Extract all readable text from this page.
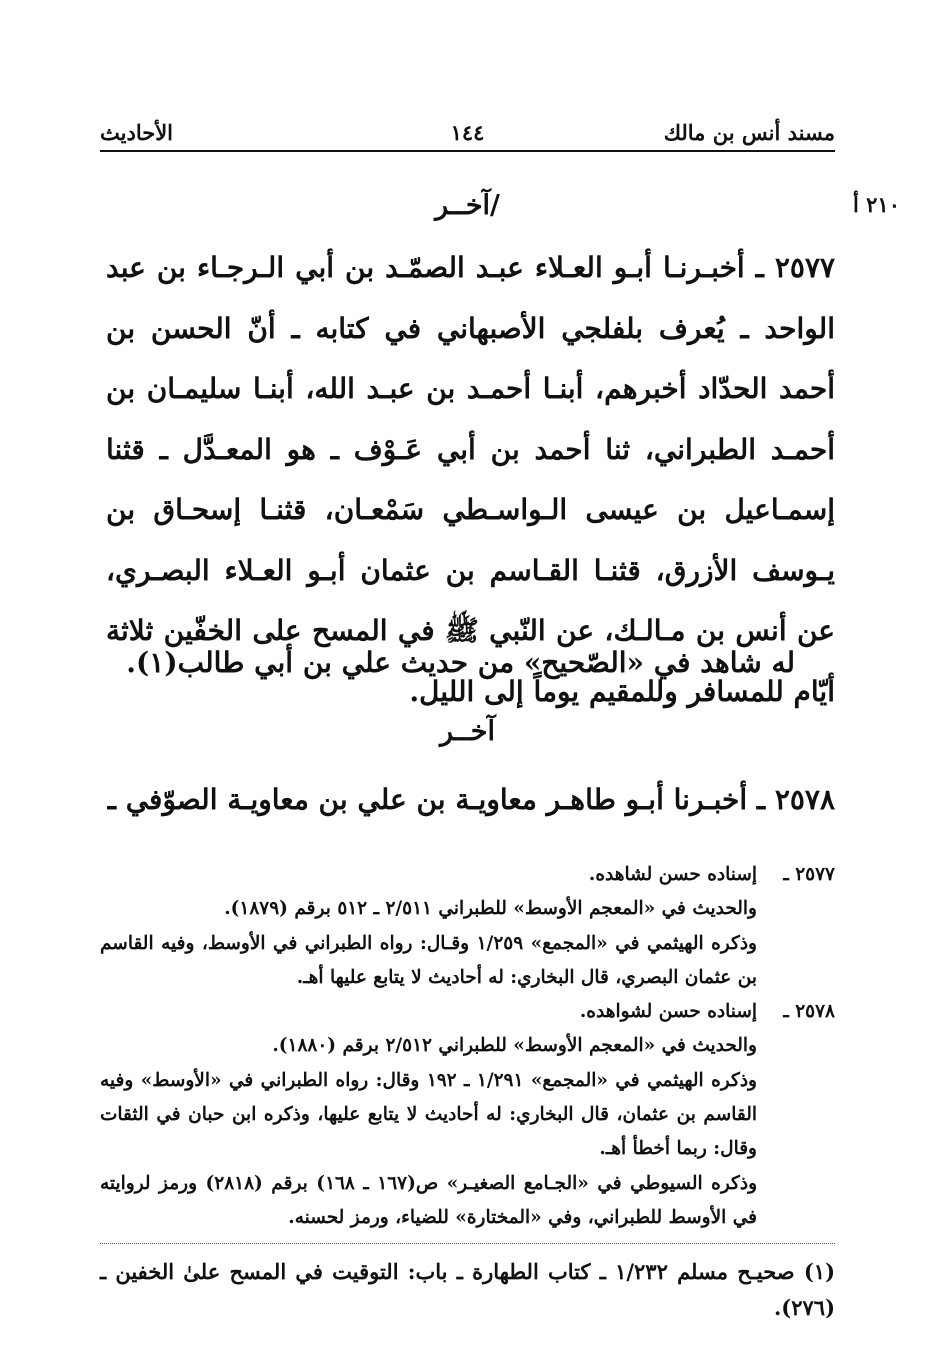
مسند أنس بن مالك
١٤٤
الأحاديث
٢١٠ أ
/آخــر
٢٥٧٧ ـ أخبـرنـا أبـو العـلاء عبـد الصمّـد بن أبي الـرجـاء بن عبد الواحد ـ يُعرف بلفلجي الأصبهاني في كتابه ـ أنّ الحسن بن أحمد الحدّاد أخبرهم، أبنـا أحمـد بن عبـد الله، أبنـا سليمـان بن أحمـد الطبراني، ثنا أحمد بن أبي عَـوْف ـ هو المعـدَّل ـ قثنا إسمـاعيل بن عيسى الـواسـطي سَمْعـان، قثنـا إسحـاق بن يـوسف الأزرق، قثنـا القـاسم بن عثمان أبـو العـلاء البصـري، عن أنس بن مـالـك، عن النّبي ﷺ في المسح على الخفّين ثلاثة أيّام للمسافر وللمقيم يوماً إلى الليل.
له شاهد في «الصّحيح» من حديث علي بن أبي طالب(١).
آخــر
٢٥٧٨ ـ أخبـرنا أبـو طاهـر معاويـة بن علي بن معاويـة الصوّفي ـ
٢٥٧٧ ـ

إسناده حسن لشاهده.

والحديث في «المعجم الأوسط» للطبراني ٢/٥١١ ـ ٥١٢ برقم (١٨٧٩).

وذكره الهيثمي في «المجمع» ١/٢٥٩ وقـال: رواه الطبراني في الأوسط، وفيه القاسم بن عثمان البصري، قال البخاري: له أحاديث لا يتابع عليها أهـ.

٢٥٧٨ ـ

إسناده حسن لشواهده.

والحديث في «المعجم الأوسط» للطبراني ٢/٥١٢ برقم (١٨٨٠).

وذكره الهيثمي في «المجمع» ١/٢٩١ ـ ١٩٢ وقال: رواه الطبراني في «الأوسط» وفيه القاسم بن عثمان، قال البخاري: له أحاديث لا يتابع عليها، وذكره ابن حبان في الثقات وقال: ربما أخطأ أهـ.

وذكره السيوطي في «الجـامع الصغيـر» ص(١٦٧ ـ ١٦٨) برقم (٢٨١٨) ورمز لروايته في الأوسط للطبراني، وفي «المختارة» للضياء، ورمز لحسنه.

(١) صحيـح مسلم ١/٢٣٢ ـ كتاب الطهارة ـ باب: التوقيت في المسح علىٰ الخفين ـ (٢٧٦).
